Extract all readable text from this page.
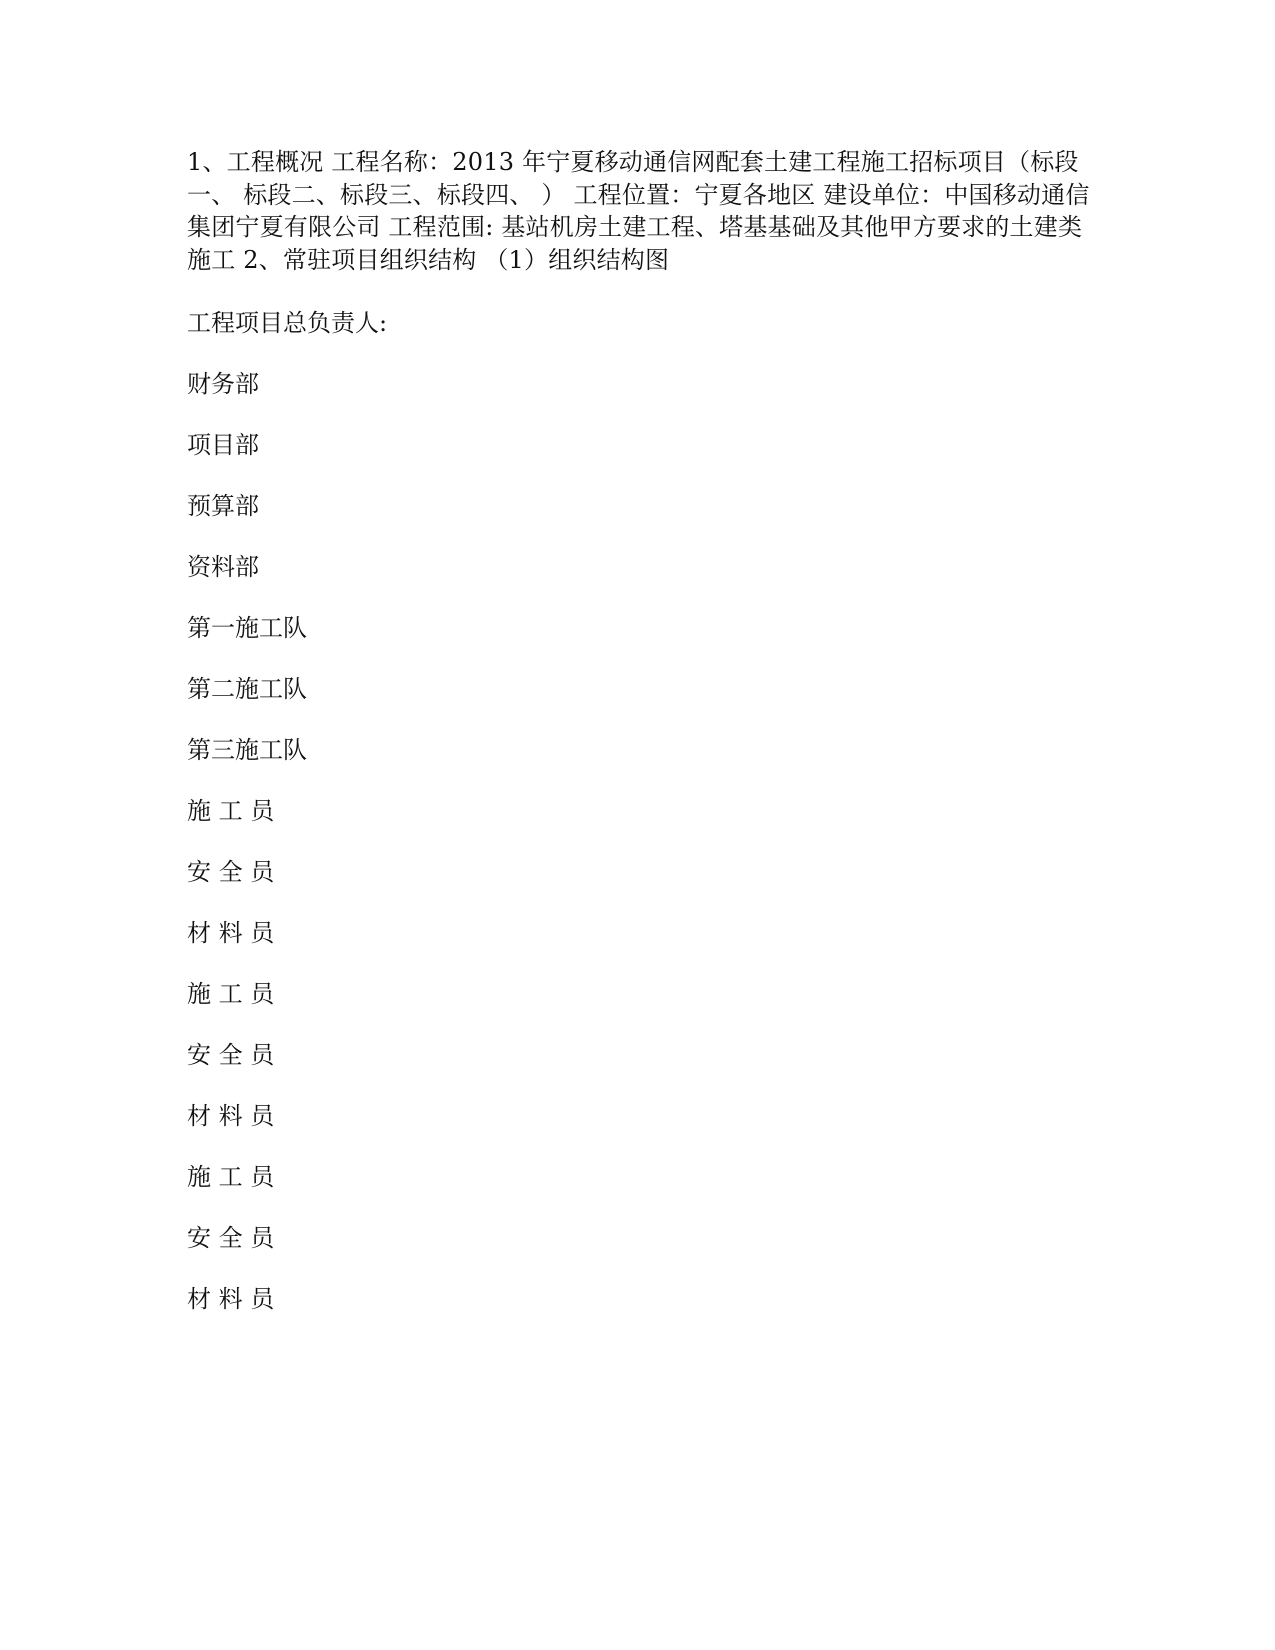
1、工程概况 工程名称：2013 年宁夏移动通信网配套土建工程施工招标项目（标段一、 标段二、标段三、标段四、 ） 工程位置：宁夏各地区 建设单位：中国移动通信集团宁夏有限公司 工程范围: 基站机房土建工程、塔基基础及其他甲方要求的土建类施工 2、常驻项目组织结构 （1）组织结构图

工程项目总负责人:
财务部
项目部
预算部
资料部
第一施工队
第二施工队
第三施工队
施 工 员
安 全 员
材 料 员
施 工 员
安 全 员
材 料 员
施 工 员
安 全 员
材 料 员
